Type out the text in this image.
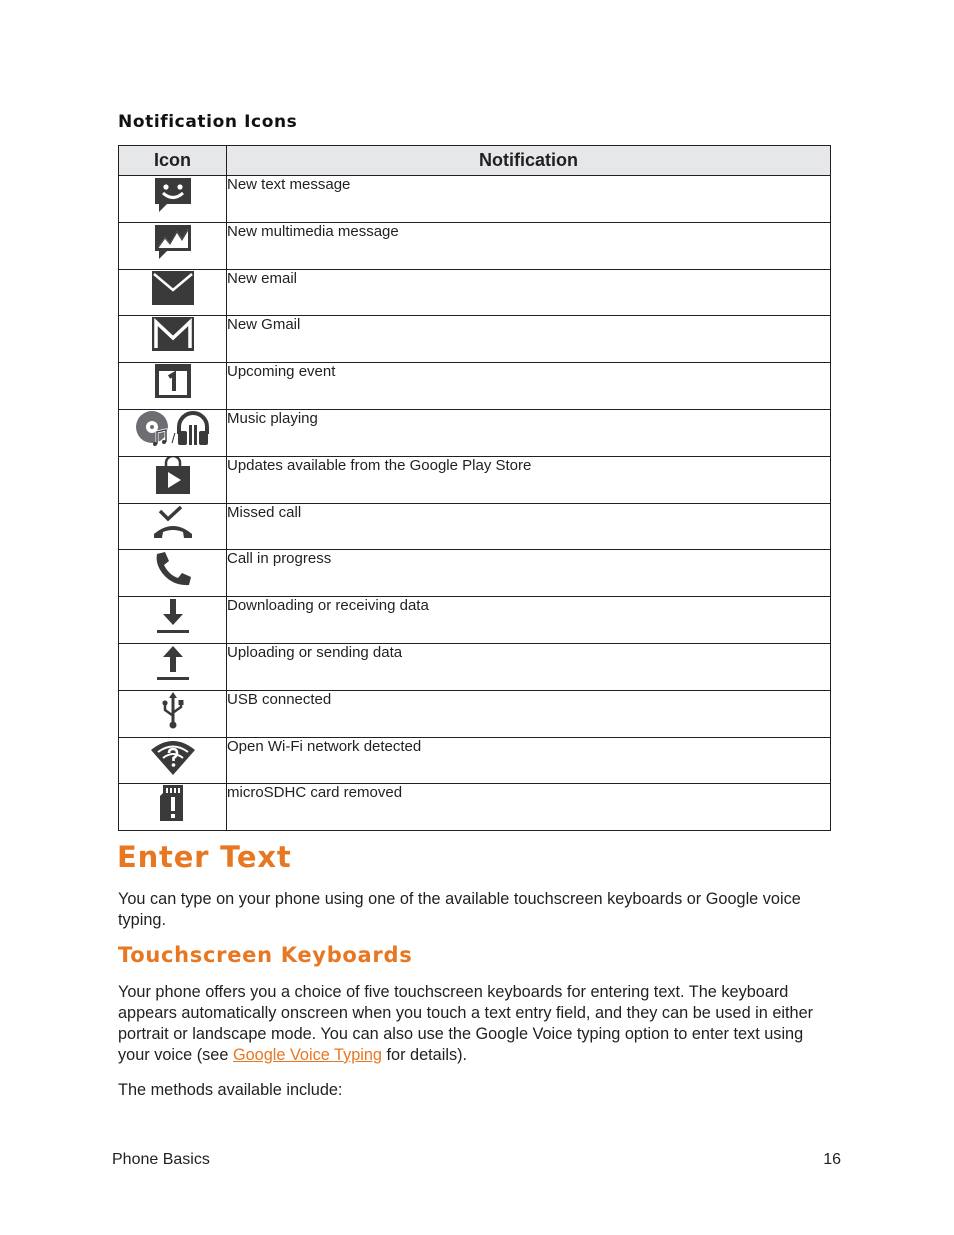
Notification Icons
Icon	Notification

	New text message

	New multimedia message

	New email

	New Gmail

	Upcoming event

/	Music playing

	Updates available from the Google Play Store

	Missed call

	Call in progress

	Downloading or receiving data

	Uploading or sending data

	USB connected

	Open Wi-Fi network detected

	microSDHC card removed
Enter Text

You can type on your phone using one of the available touchscreen keyboards or Google voice typing.

Touchscreen Keyboards

Your phone offers you a choice of five touchscreen keyboards for entering text. The keyboard appears automatically onscreen when you touch a text entry field, and they can be used in either portrait or landscape mode. You can also use the Google Voice typing option to enter text using your voice (see Google Voice Typing for details).

The methods available include:

Phone Basics	16
